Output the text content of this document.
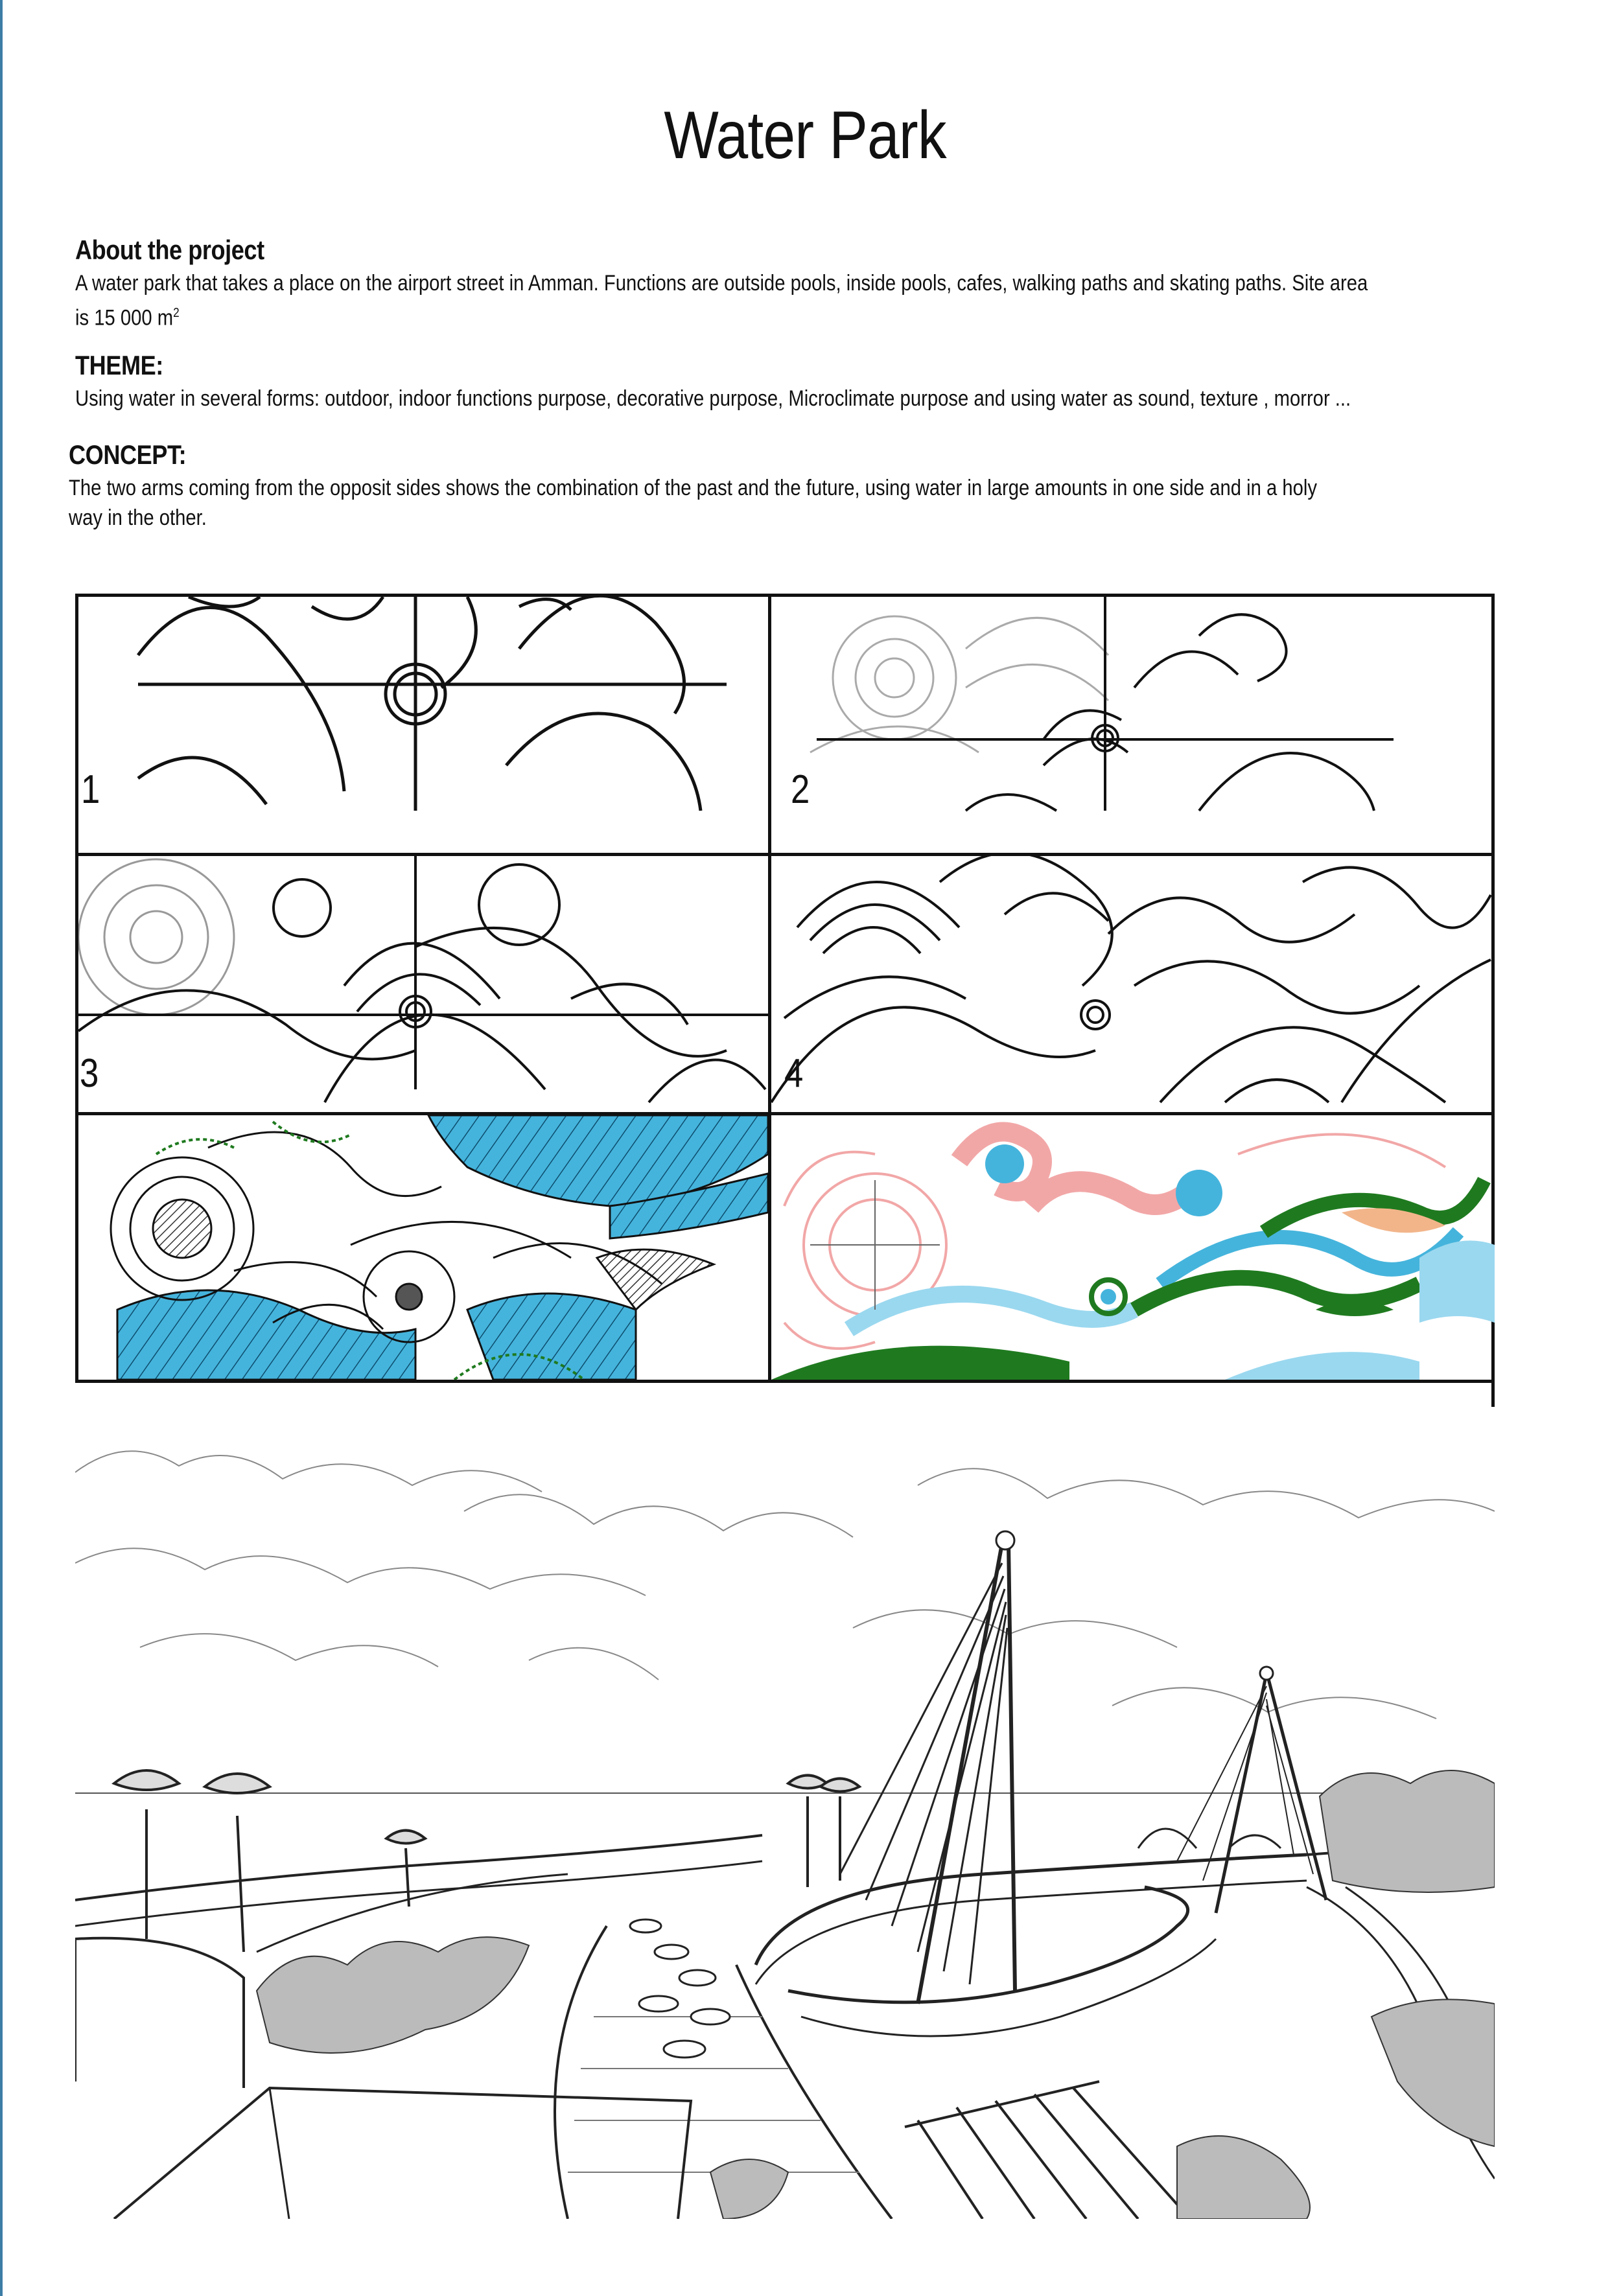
Water Park
About the project

A water park that takes a place on the airport street in Amman. Functions are outside pools, inside pools, cafes, walking paths and skating paths. Site area
is 15 000 $m^2$

THEME:

Using water in several forms: outdoor, indoor functions purpose, decorative purpose, Microclimate purpose and using water as sound, texture , morror ...

CONCEPT:

The two arms coming from the opposit sides shows the combination of the past and the future, using water in large amounts in one side and in a holy
way in the other.

1	2
3	4
